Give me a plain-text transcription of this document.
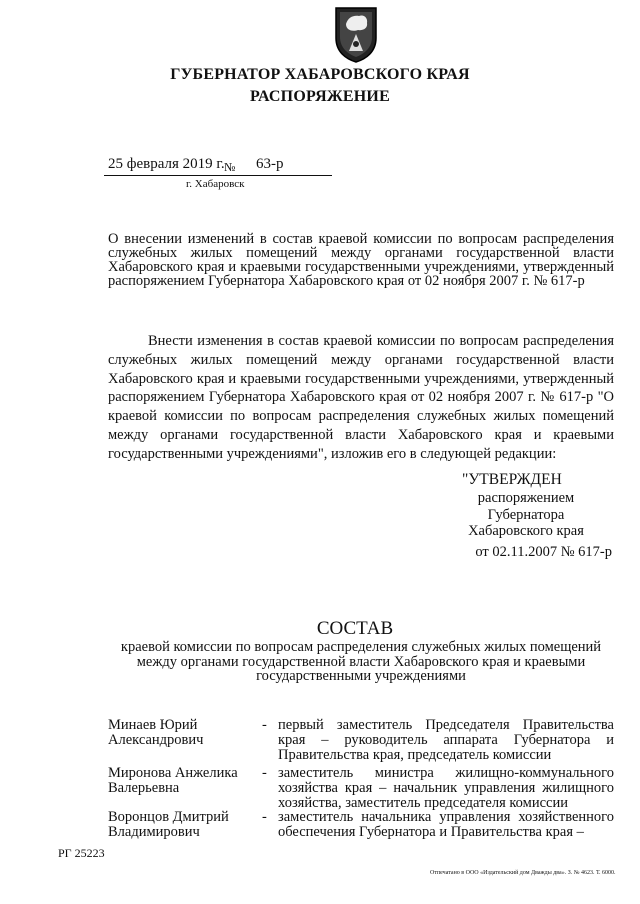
ГУБЕРНАТОР ХАБАРОВСКОГО КРАЯ
РАСПОРЯЖЕНИЕ
25 февраля 2019 г. № 63-р
г. Хабаровск
О внесении изменений в состав краевой комиссии по вопросам распределения служебных жилых помещений между органами государственной власти Хабаровского края и краевыми государственными учреждениями, утвержденный распоряжением Губернатора Хабаровского края от 02 ноября 2007 г. № 617-р

Внести изменения в состав краевой комиссии по вопросам распределения служебных жилых помещений между органами государственной власти Хабаровского края и краевыми государственными учреждениями, утвержденный распоряжением Губернатора Хабаровского края от 02 ноября 2007 г. № 617-р "О краевой комиссии по вопросам распределения служебных жилых помещений между органами государственной власти Хабаровского края и краевыми государственными учреждениями", изложив его в следующей редакции:

"УТВЕРЖДЕН
распоряжением
Губернатора
Хабаровского края
от 02.11.2007 № 617-р
СОСТАВ
краевой комиссии по вопросам распределения служебных жилых помещений между органами государственной власти Хабаровского края и краевыми государственными учреждениями
Минаев Юрий Александрович
- первый заместитель Председателя Правительства края – руководитель аппарата Губернатора и Правительства края, председатель комиссии
Миронова Анжелика Валерьевна
- заместитель министра жилищно-коммунального хозяйства края – начальник управления жилищного хозяйства, заместитель председателя комиссии
Воронцов Дмитрий Владимирович
- заместитель начальника управления хозяйственного обеспечения Губернатора и Правительства края –
РГ 25223
Отпечатано в ООО «Издательский дом Дважды два». З. № 4623. Т. 6000.
